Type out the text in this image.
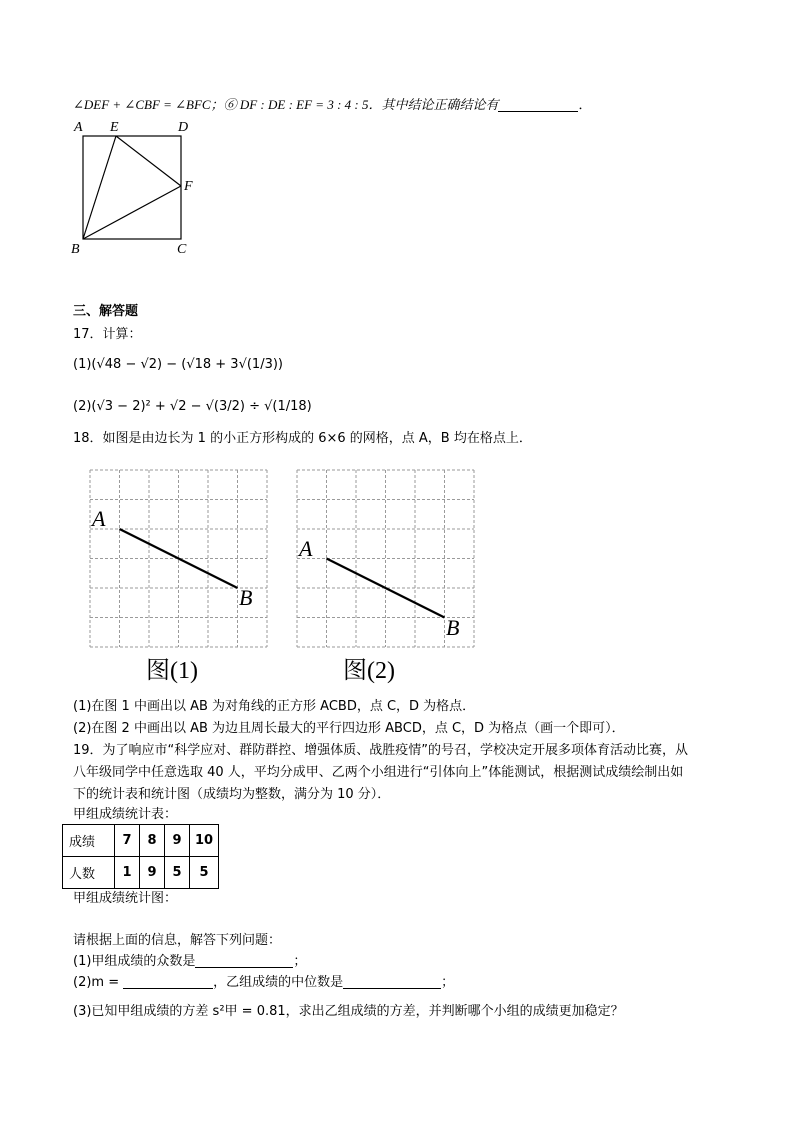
∠DEF + ∠CBF = ∠BFC；⑥ DF : DE : EF = 3 : 4 : 5．其中结论正确结论有	．
A E	D
F
B	C
三、解答题
17．计算：
(1)(√48 − √2) − (√18 + 3√(1/3))
(2)(√3 − 2)² + √2 − √(3/2) ÷ √(1/18)
18．如图是由边长为 1 的小正方形构成的 6×6 的网格，点 A，B 均在格点上．
A
B
图(1)
A
B
图(2)
(1)在图 1 中画出以 AB 为对角线的正方形 ACBD，点 C，D 为格点．
(2)在图 2 中画出以 AB 为边且周长最大的平行四边形 ABCD，点 C，D 为格点（画一个即可）．
19．为了响应市“科学应对、群防群控、增强体质、战胜疫情”的号召，学校决定开展多项体育活动比赛，从
八年级同学中任意选取 40 人，平均分成甲、乙两个小组进行“引体向上”体能测试，根据测试成绩绘制出如
下的统计表和统计图（成绩均为整数，满分为 10 分）．
甲组成绩统计表：
成绩	7	8	9	10
人数	1	9	5	5
甲组成绩统计图：
请根据上面的信息，解答下列问题：
(1)甲组成绩的众数是	；
(2)m =	，乙组成绩的中位数是	；
(3)已知甲组成绩的方差 s²甲 = 0.81，求出乙组成绩的方差，并判断哪个小组的成绩更加稳定？
